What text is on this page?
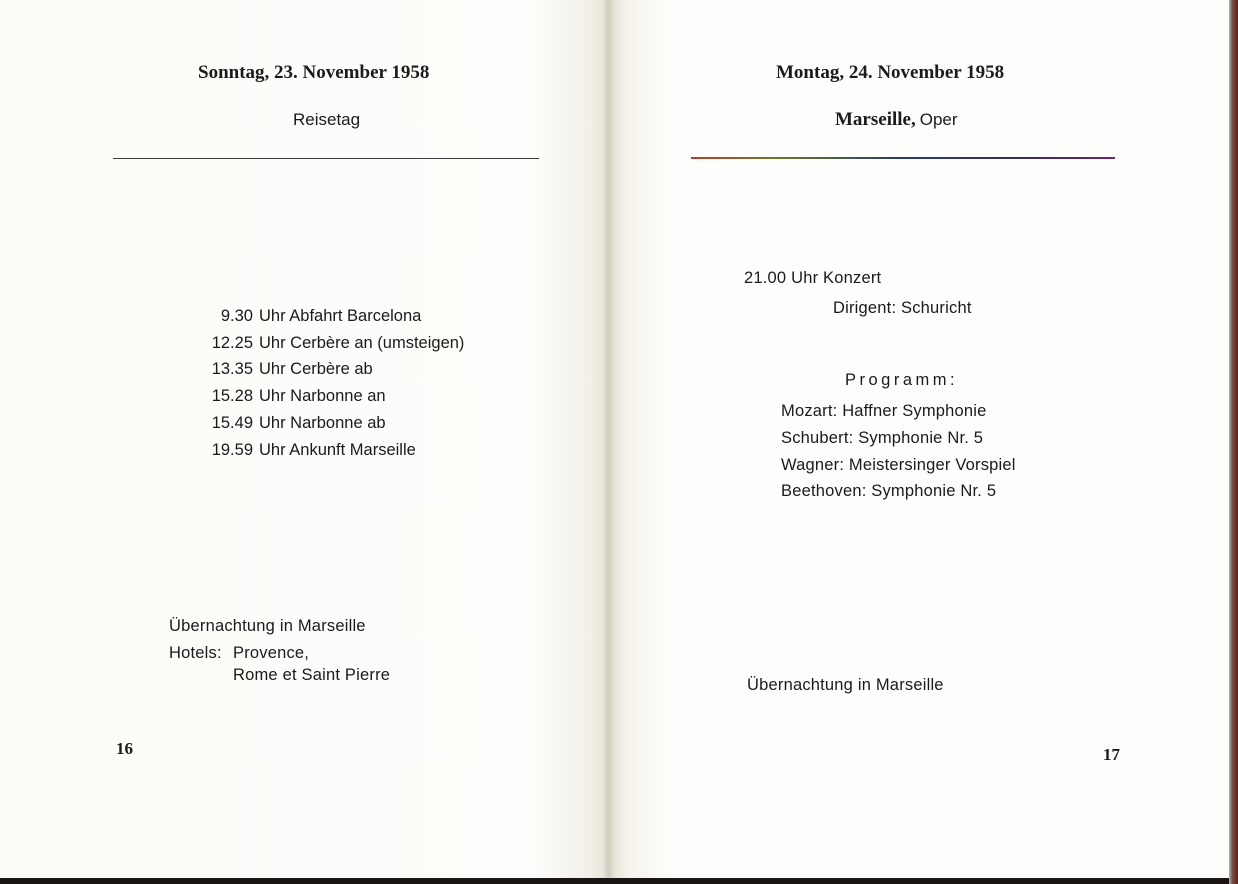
Sonntag, 23. November 1958
Reisetag
9.30 Uhr Abfahrt Barcelona
12.25 Uhr Cerbère an (umsteigen)
13.35 Uhr Cerbère ab
15.28 Uhr Narbonne an
15.49 Uhr Narbonne ab
19.59 Uhr Ankunft Marseille
Übernachtung in Marseille
Hotels: Provence,
Rome et Saint Pierre
16
Montag, 24. November 1958
Marseille, Oper
21.00 Uhr Konzert
Dirigent: Schuricht
Programm:
Mozart: Haffner Symphonie
Schubert: Symphonie Nr. 5
Wagner: Meistersinger Vorspiel
Beethoven: Symphonie Nr. 5
Übernachtung in Marseille
17
